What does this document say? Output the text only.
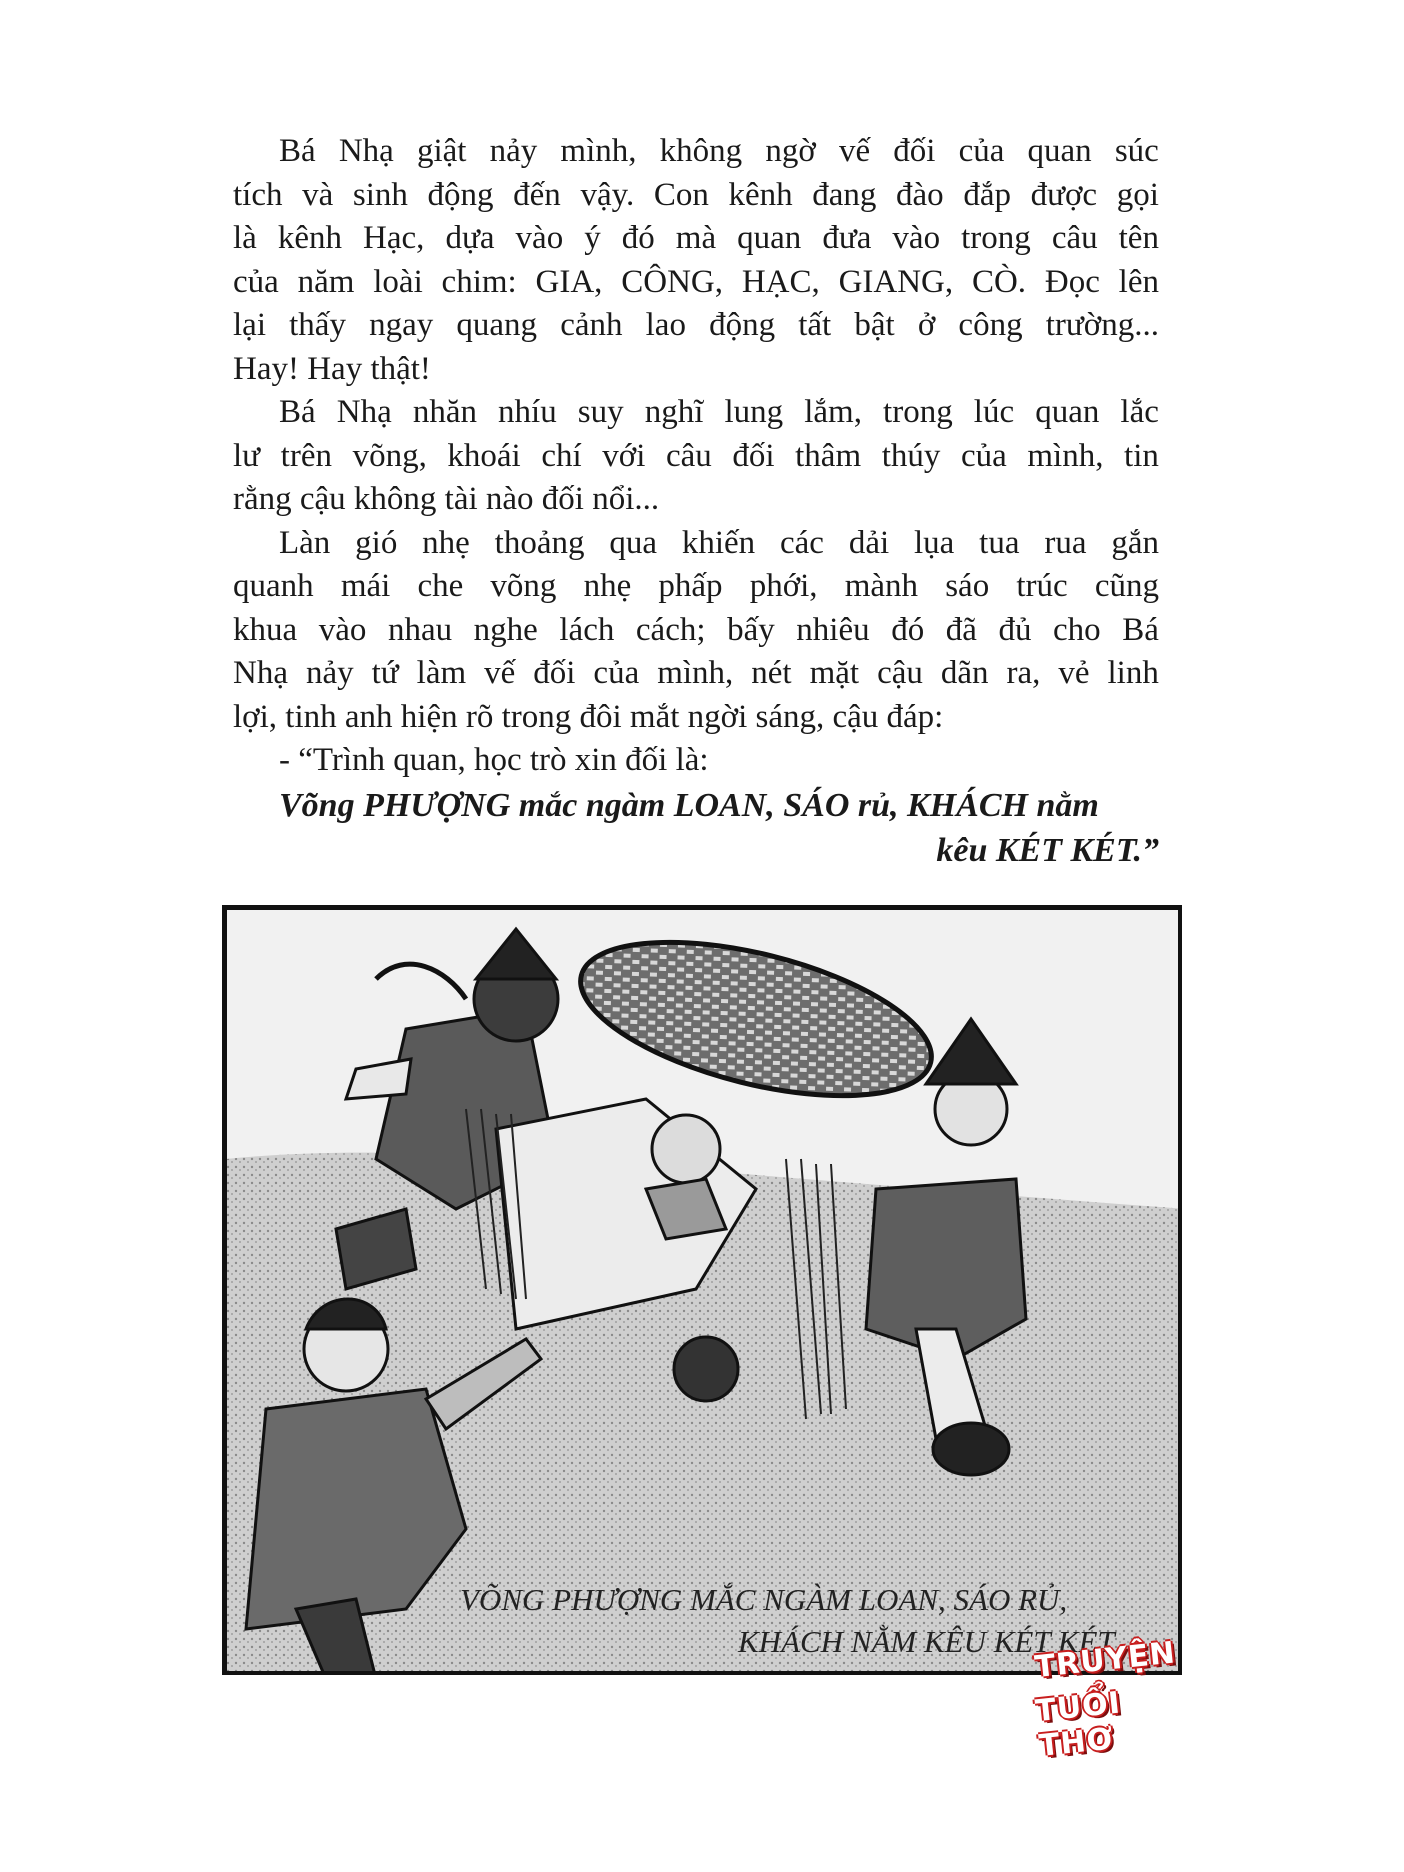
Bá Nhạ giật nảy mình, không ngờ vế đối của quan súc
tích và sinh động đến vậy. Con kênh đang đào đắp được gọi
là kênh Hạc, dựa vào ý đó mà quan đưa vào trong câu tên
của năm loài chim: GIA, CÔNG, HẠC, GIANG, CÒ. Đọc lên
lại thấy ngay quang cảnh lao động tất bật ở công trường...
Hay! Hay thật!
Bá Nhạ nhăn nhíu suy nghĩ lung lắm, trong lúc quan lắc
lư trên võng, khoái chí với câu đối thâm thúy của mình, tin
rằng cậu không tài nào đối nổi...
Làn gió nhẹ thoảng qua khiến các dải lụa tua rua gắn
quanh mái che võng nhẹ phấp phới, mành sáo trúc cũng
khua vào nhau nghe lách cách; bấy nhiêu đó đã đủ cho Bá
Nhạ nảy tứ làm vế đối của mình, nét mặt cậu dãn ra, vẻ linh
lợi, tinh anh hiện rõ trong đôi mắt ngời sáng, cậu đáp:
- “Trình quan, học trò xin đối là:
Võng PHƯỢNG mắc ngàm LOAN, SÁO rủ, KHÁCH nằm
kêu KÉT KÉT.”
VÕNG PHƯỢNG MẮC NGÀM LOAN, SÁO RỦ,
KHÁCH NẰM KÊU KÉT KÉT
TRUYỆN
TUỔI THƠ
